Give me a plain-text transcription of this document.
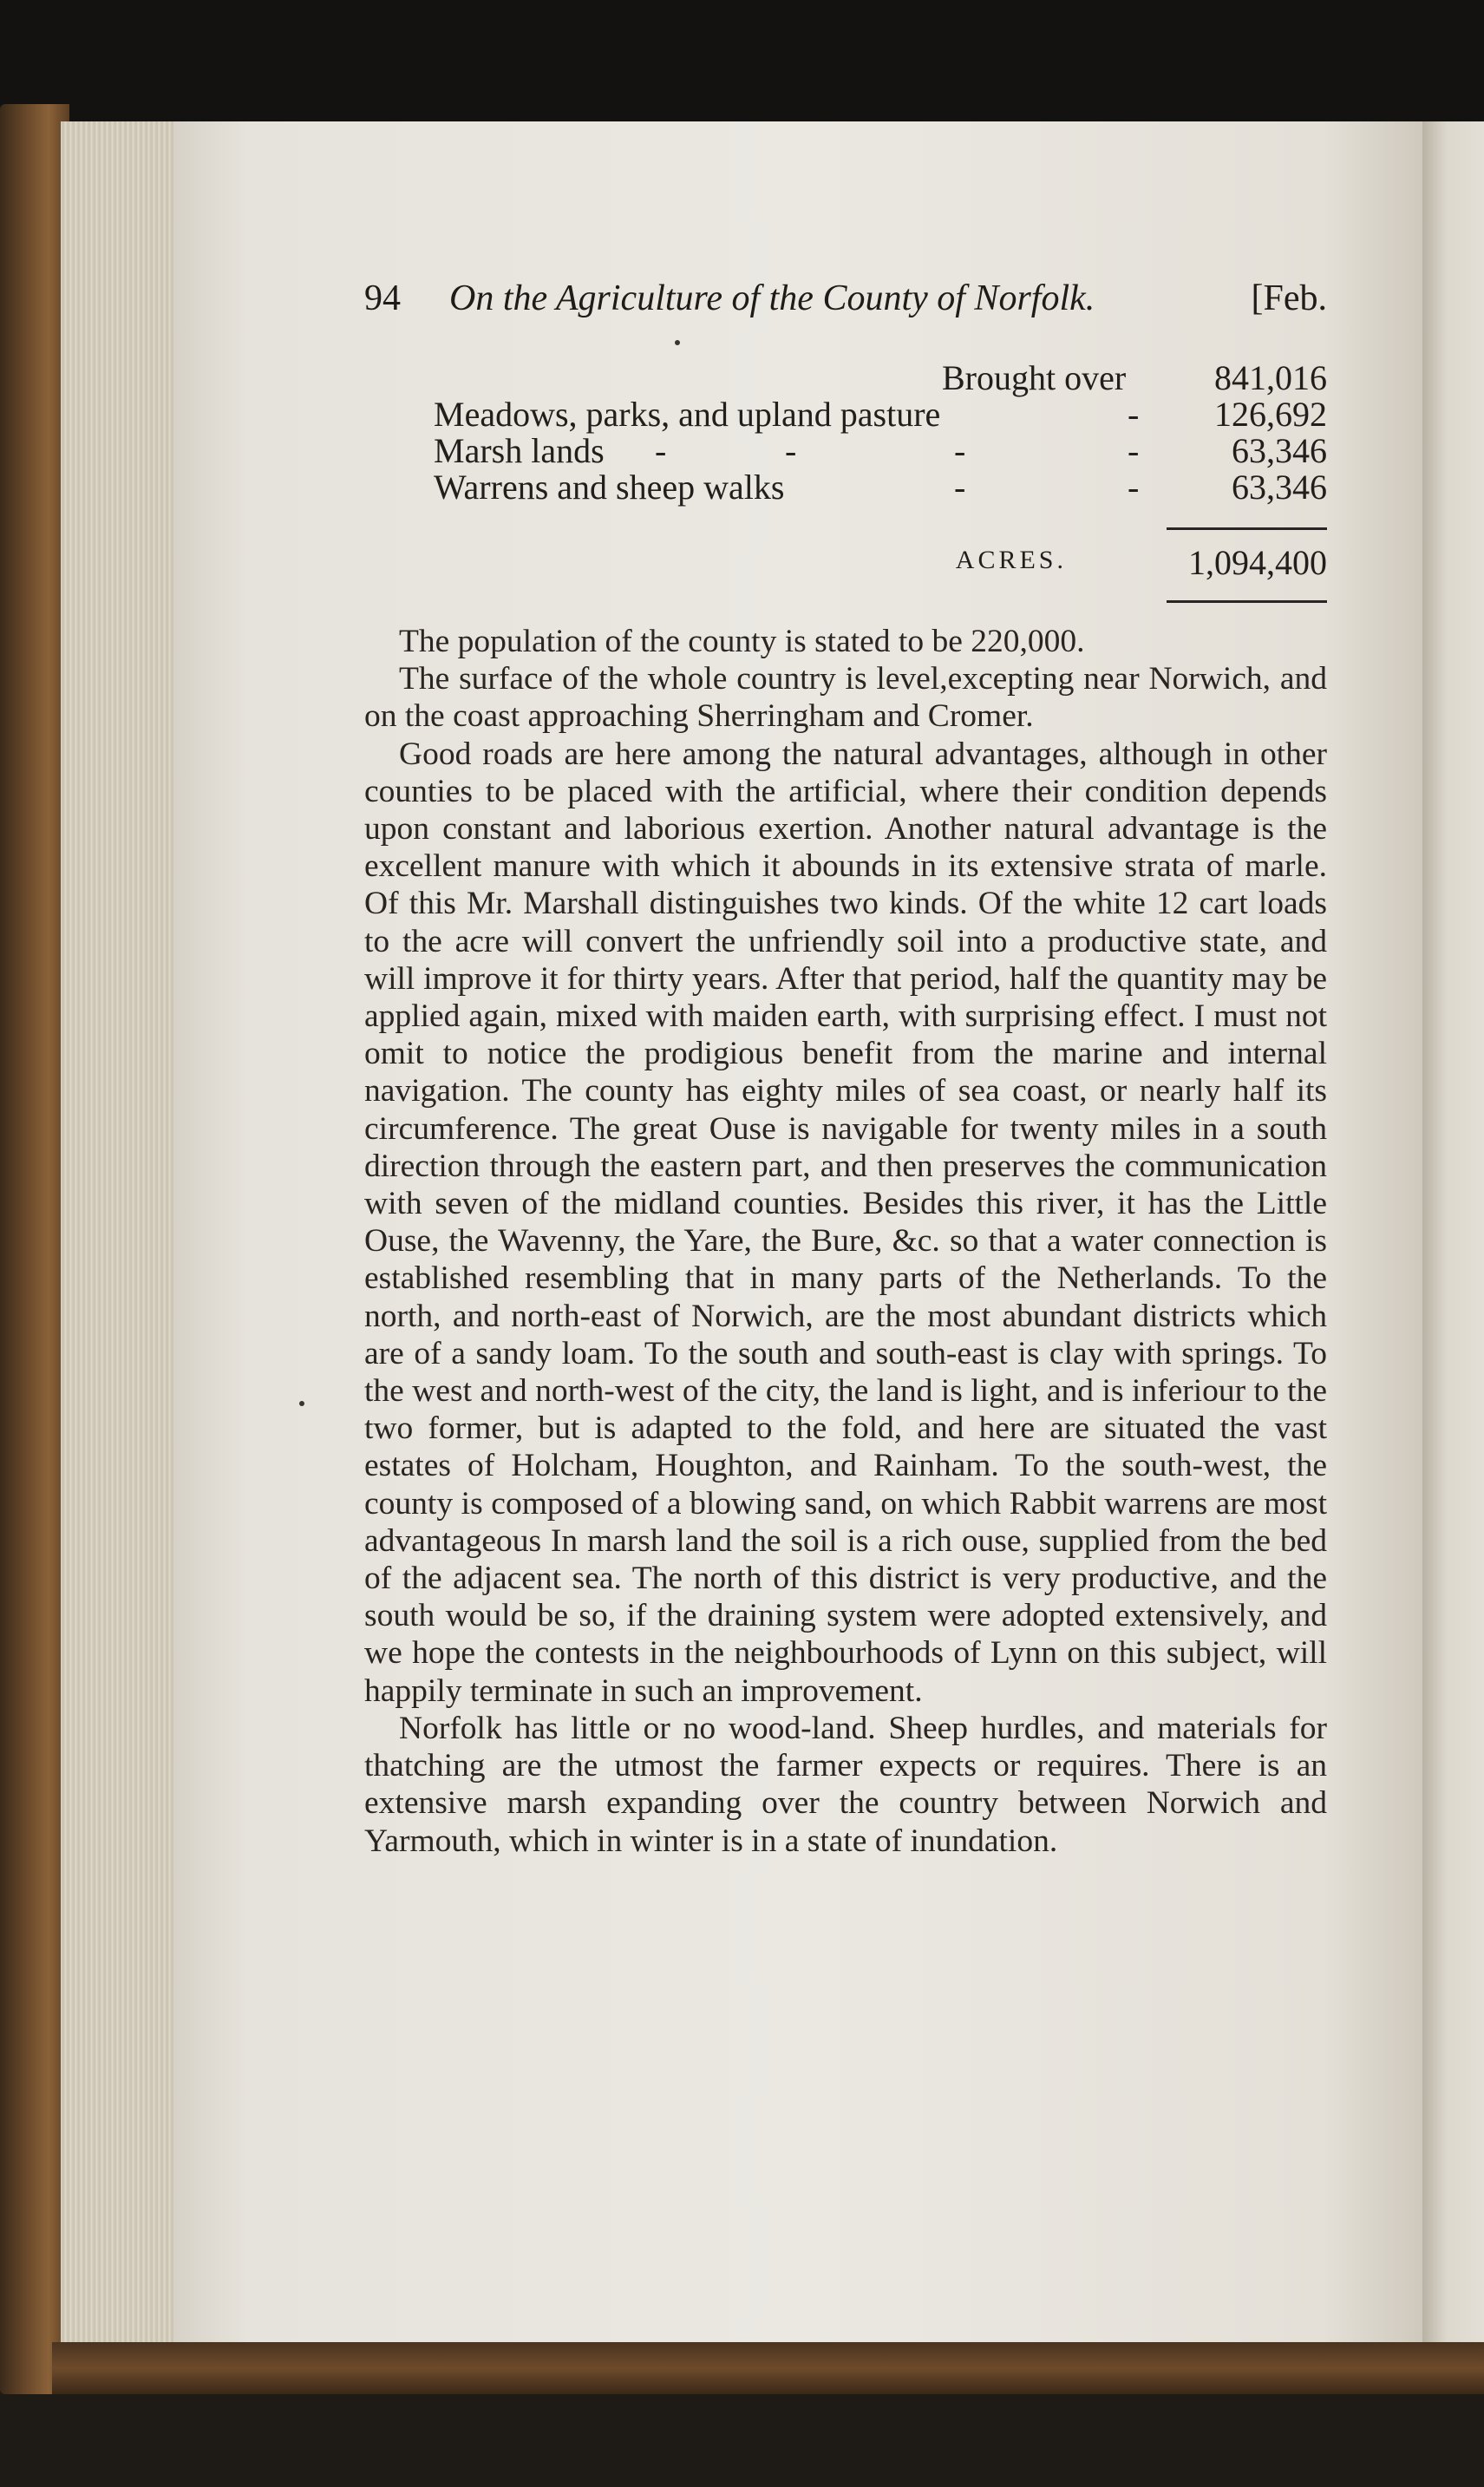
94 On the Agriculture of the County of Norfolk.	[Feb.
Brought over	841,016
Meadows, parks, and upland pasture	- 126,692
Marsh lands -	-	-	-	63,346
Warrens and sheep walks	-	-	63,346
ACRES.	1,094,400

The population of the county is stated to be 220,000.

The surface of the whole country is level,excepting near Norwich, and on the coast approaching Sherringham and Cromer.

Good roads are here among the natural advantages, although in other counties to be placed with the artificial, where their condition depends upon constant and laborious exertion. Another natural advantage is the excellent manure with which it abounds in its extensive strata of marle. Of this Mr. Marshall distinguishes two kinds. Of the white 12 cart loads to the acre will convert the unfriendly soil into a productive state, and will improve it for thirty years. After that period, half the quantity may be applied again, mixed with maiden earth, with surprising effect. I must not omit to notice the prodigious benefit from the marine and internal navigation. The county has eighty miles of sea coast, or nearly half its circumference. The great Ouse is navigable for twenty miles in a south direction through the eastern part, and then preserves the communication with seven of the midland counties. Besides this river, it has the Little Ouse, the Wavenny, the Yare, the Bure, &c. so that a water connection is established resembling that in many parts of the Netherlands. To the north, and north-east of Norwich, are the most abundant districts which are of a sandy loam. To the south and south-east is clay with springs. To the west and north-west of the city, the land is light, and is inferiour to the two former, but is adapted to the fold, and here are situated the vast estates of Holcham, Houghton, and Rainham. To the south-west, the county is composed of a blowing sand, on which Rabbit warrens are most advantageous In marsh land the soil is a rich ouse, supplied from the bed of the adjacent sea. The north of this district is very productive, and the south would be so, if the draining system were adopted extensively, and we hope the contests in the neighbourhoods of Lynn on this subject, will happily terminate in such an improvement.

Norfolk has little or no wood-land. Sheep hurdles, and materials for thatching are the utmost the farmer expects or requires. There is an extensive marsh expanding over the country between Norwich and Yarmouth, which in winter is in a state of inundation.
